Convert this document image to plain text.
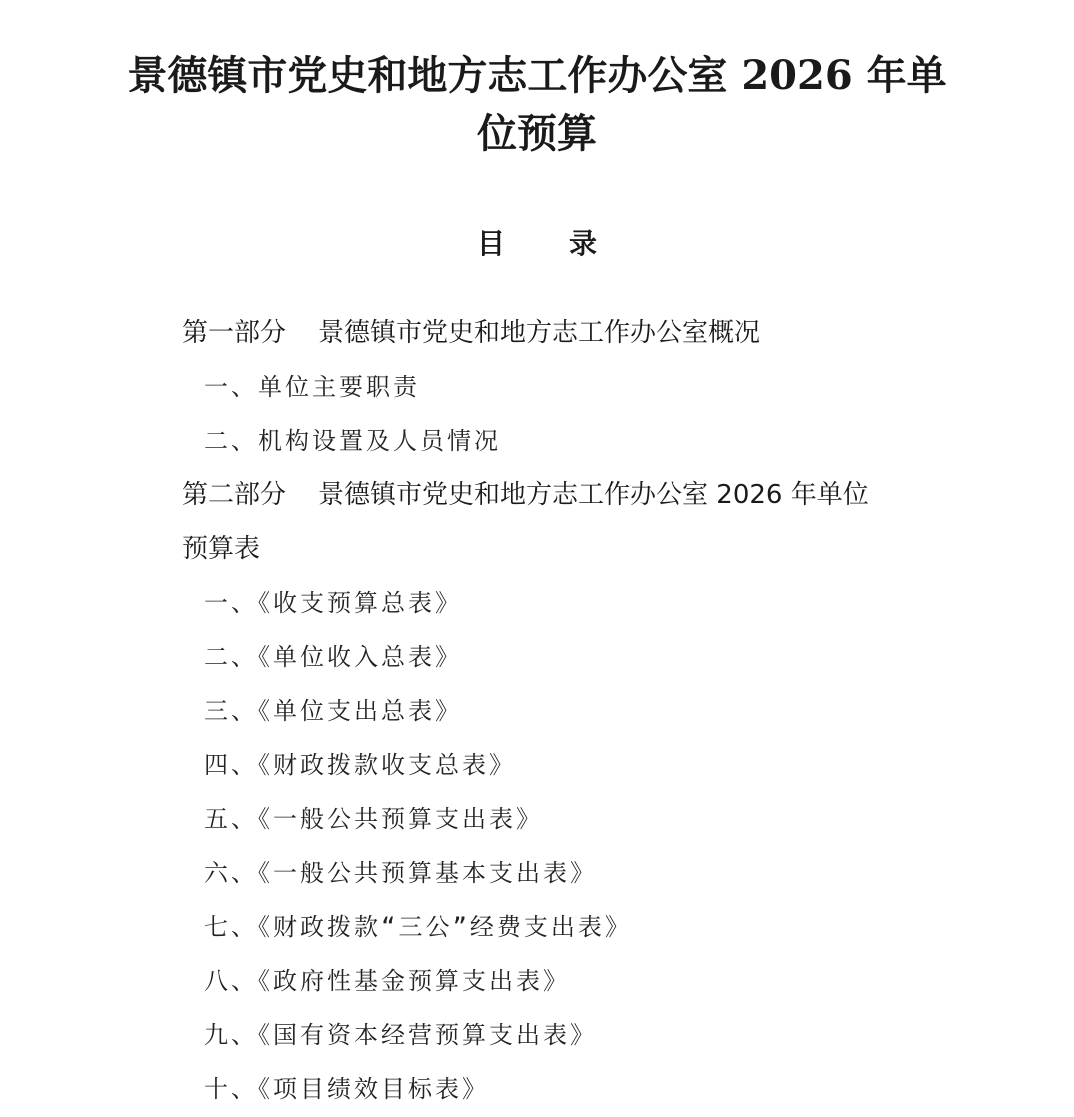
景德镇市党史和地方志工作办公室 2026 年单
位预算
目 录
第一部分 景德镇市党史和地方志工作办公室概况
一、单位主要职责
二、机构设置及人员情况
第二部分 景德镇市党史和地方志工作办公室 2026 年单位
预算表
一、《收支预算总表》
二、《单位收入总表》
三、《单位支出总表》
四、《财政拨款收支总表》
五、《一般公共预算支出表》
六、《一般公共预算基本支出表》
七、《财政拨款“三公”经费支出表》
八、《政府性基金预算支出表》
九、《国有资本经营预算支出表》
十、《项目绩效目标表》
